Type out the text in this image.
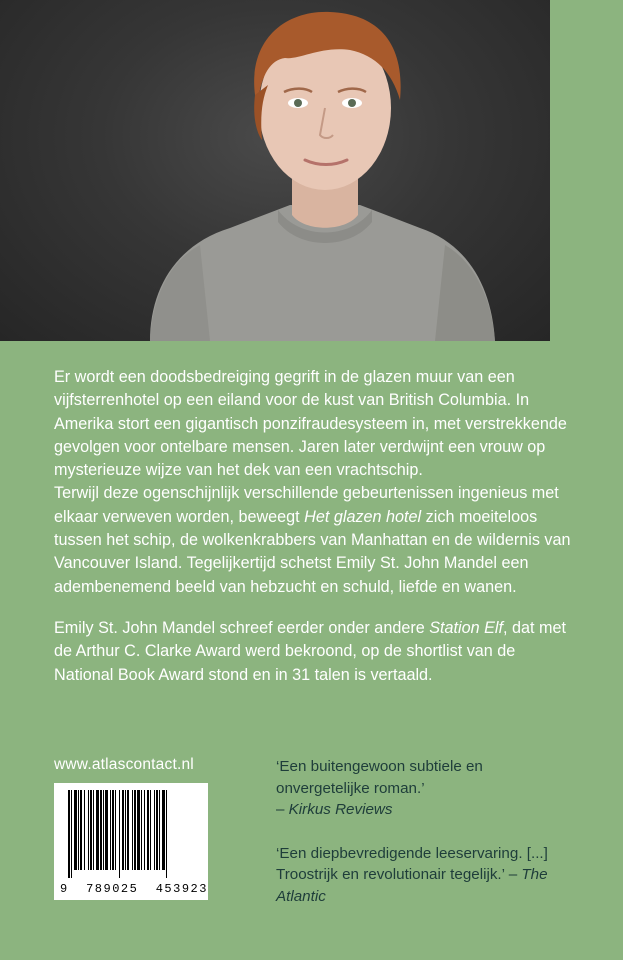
Er wordt een doodsbedreiging gegrift in de glazen muur van een vijfsterrenhotel op een eiland voor de kust van British Columbia. In Amerika stort een gigantisch ponzifraudesysteem in, met verstrekkende gevolgen voor ontelbare mensen. Jaren later verdwijnt een vrouw op mysterieuze wijze van het dek van een vrachtschip.

Terwijl deze ogenschijnlijk verschillende gebeurtenissen ingenieus met elkaar verweven worden, beweegt Het glazen hotel zich moeiteloos tussen het schip, de wolkenkrabbers van Manhattan en de wildernis van Vancouver Island. Tegelijkertijd schetst Emily St. John Mandel een adembenemend beeld van hebzucht en schuld, liefde en wanen.

Emily St. John Mandel schreef eerder onder andere Station Elf, dat met de Arthur C. Clarke Award werd bekroond, op de shortlist van de National Book Award stond en in 31 talen is vertaald.

www.atlascontact.nl
9  789025  453923

‘Een buitengewoon subtiele en onvergetelijke roman.’
– Kirkus Reviews

‘Een diepbevredigende leeservaring. [...] Troostrijk en revolutionair tegelijk.’ – The Atlantic
